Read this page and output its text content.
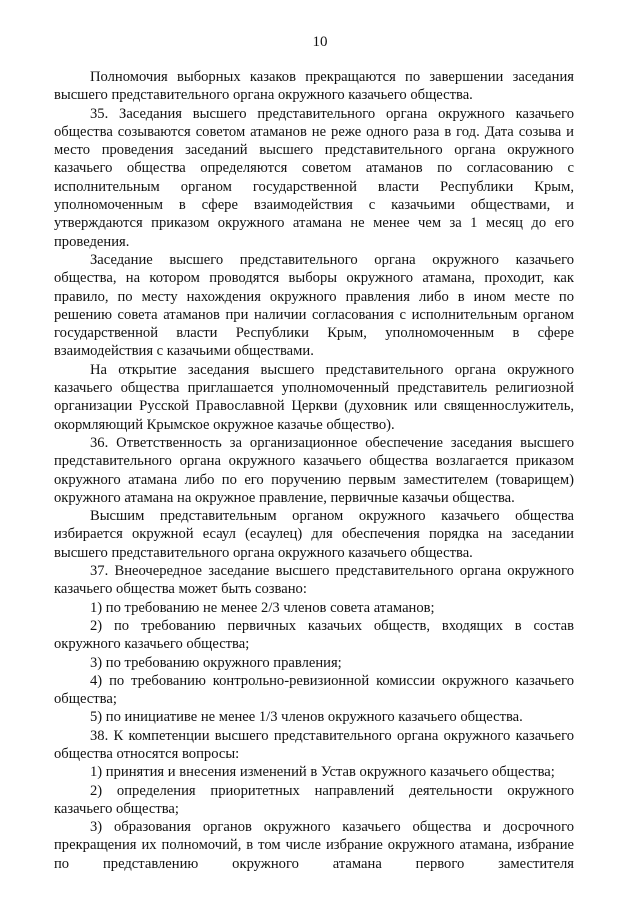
10

Полномочия выборных казаков прекращаются по завершении заседания высшего представительного органа окружного казачьего общества.

35. Заседания высшего представительного органа окружного казачьего общества созываются советом атаманов не реже одного раза в год. Дата созыва и место проведения заседаний высшего представительного органа окружного казачьего общества определяются советом атаманов по согласованию с исполнительным органом государственной власти Республики Крым, уполномоченным в сфере взаимодействия с казачьими обществами, и утверждаются приказом окружного атамана не менее чем за 1 месяц до его проведения.

Заседание высшего представительного органа окружного казачьего общества, на котором проводятся выборы окружного атамана, проходит, как правило, по месту нахождения окружного правления либо в ином месте по решению совета атаманов при наличии согласования с исполнительным органом государственной власти Республики Крым, уполномоченным в сфере взаимодействия с казачьими обществами.

На открытие заседания высшего представительного органа окружного казачьего общества приглашается уполномоченный представитель религиозной организации Русской Православной Церкви (духовник или священнослужитель, окормляющий Крымское окружное казачье общество).

36. Ответственность за организационное обеспечение заседания высшего представительного органа окружного казачьего общества возлагается приказом окружного атамана либо по его поручению первым заместителем (товарищем) окружного атамана на окружное правление, первичные казачьи общества.

Высшим представительным органом окружного казачьего общества избирается окружной есаул (есаулец) для обеспечения порядка на заседании высшего представительного органа окружного казачьего общества.

37. Внеочередное заседание высшего представительного органа окружного казачьего общества может быть созвано:

1) по требованию не менее 2/3 членов совета атаманов;

2) по требованию первичных казачьих обществ, входящих в состав окружного казачьего общества;

3) по требованию окружного правления;

4) по требованию контрольно-ревизионной комиссии окружного казачьего общества;

5) по инициативе не менее 1/3 членов окружного казачьего общества.

38. К компетенции высшего представительного органа окружного казачьего общества относятся вопросы:

1) принятия и внесения изменений в Устав окружного казачьего общества;

2) определения приоритетных направлений деятельности окружного казачьего общества;

3) образования органов окружного казачьего общества и досрочного прекращения их полномочий, в том числе избрание окружного атамана, избрание по представлению окружного атамана первого заместителя
